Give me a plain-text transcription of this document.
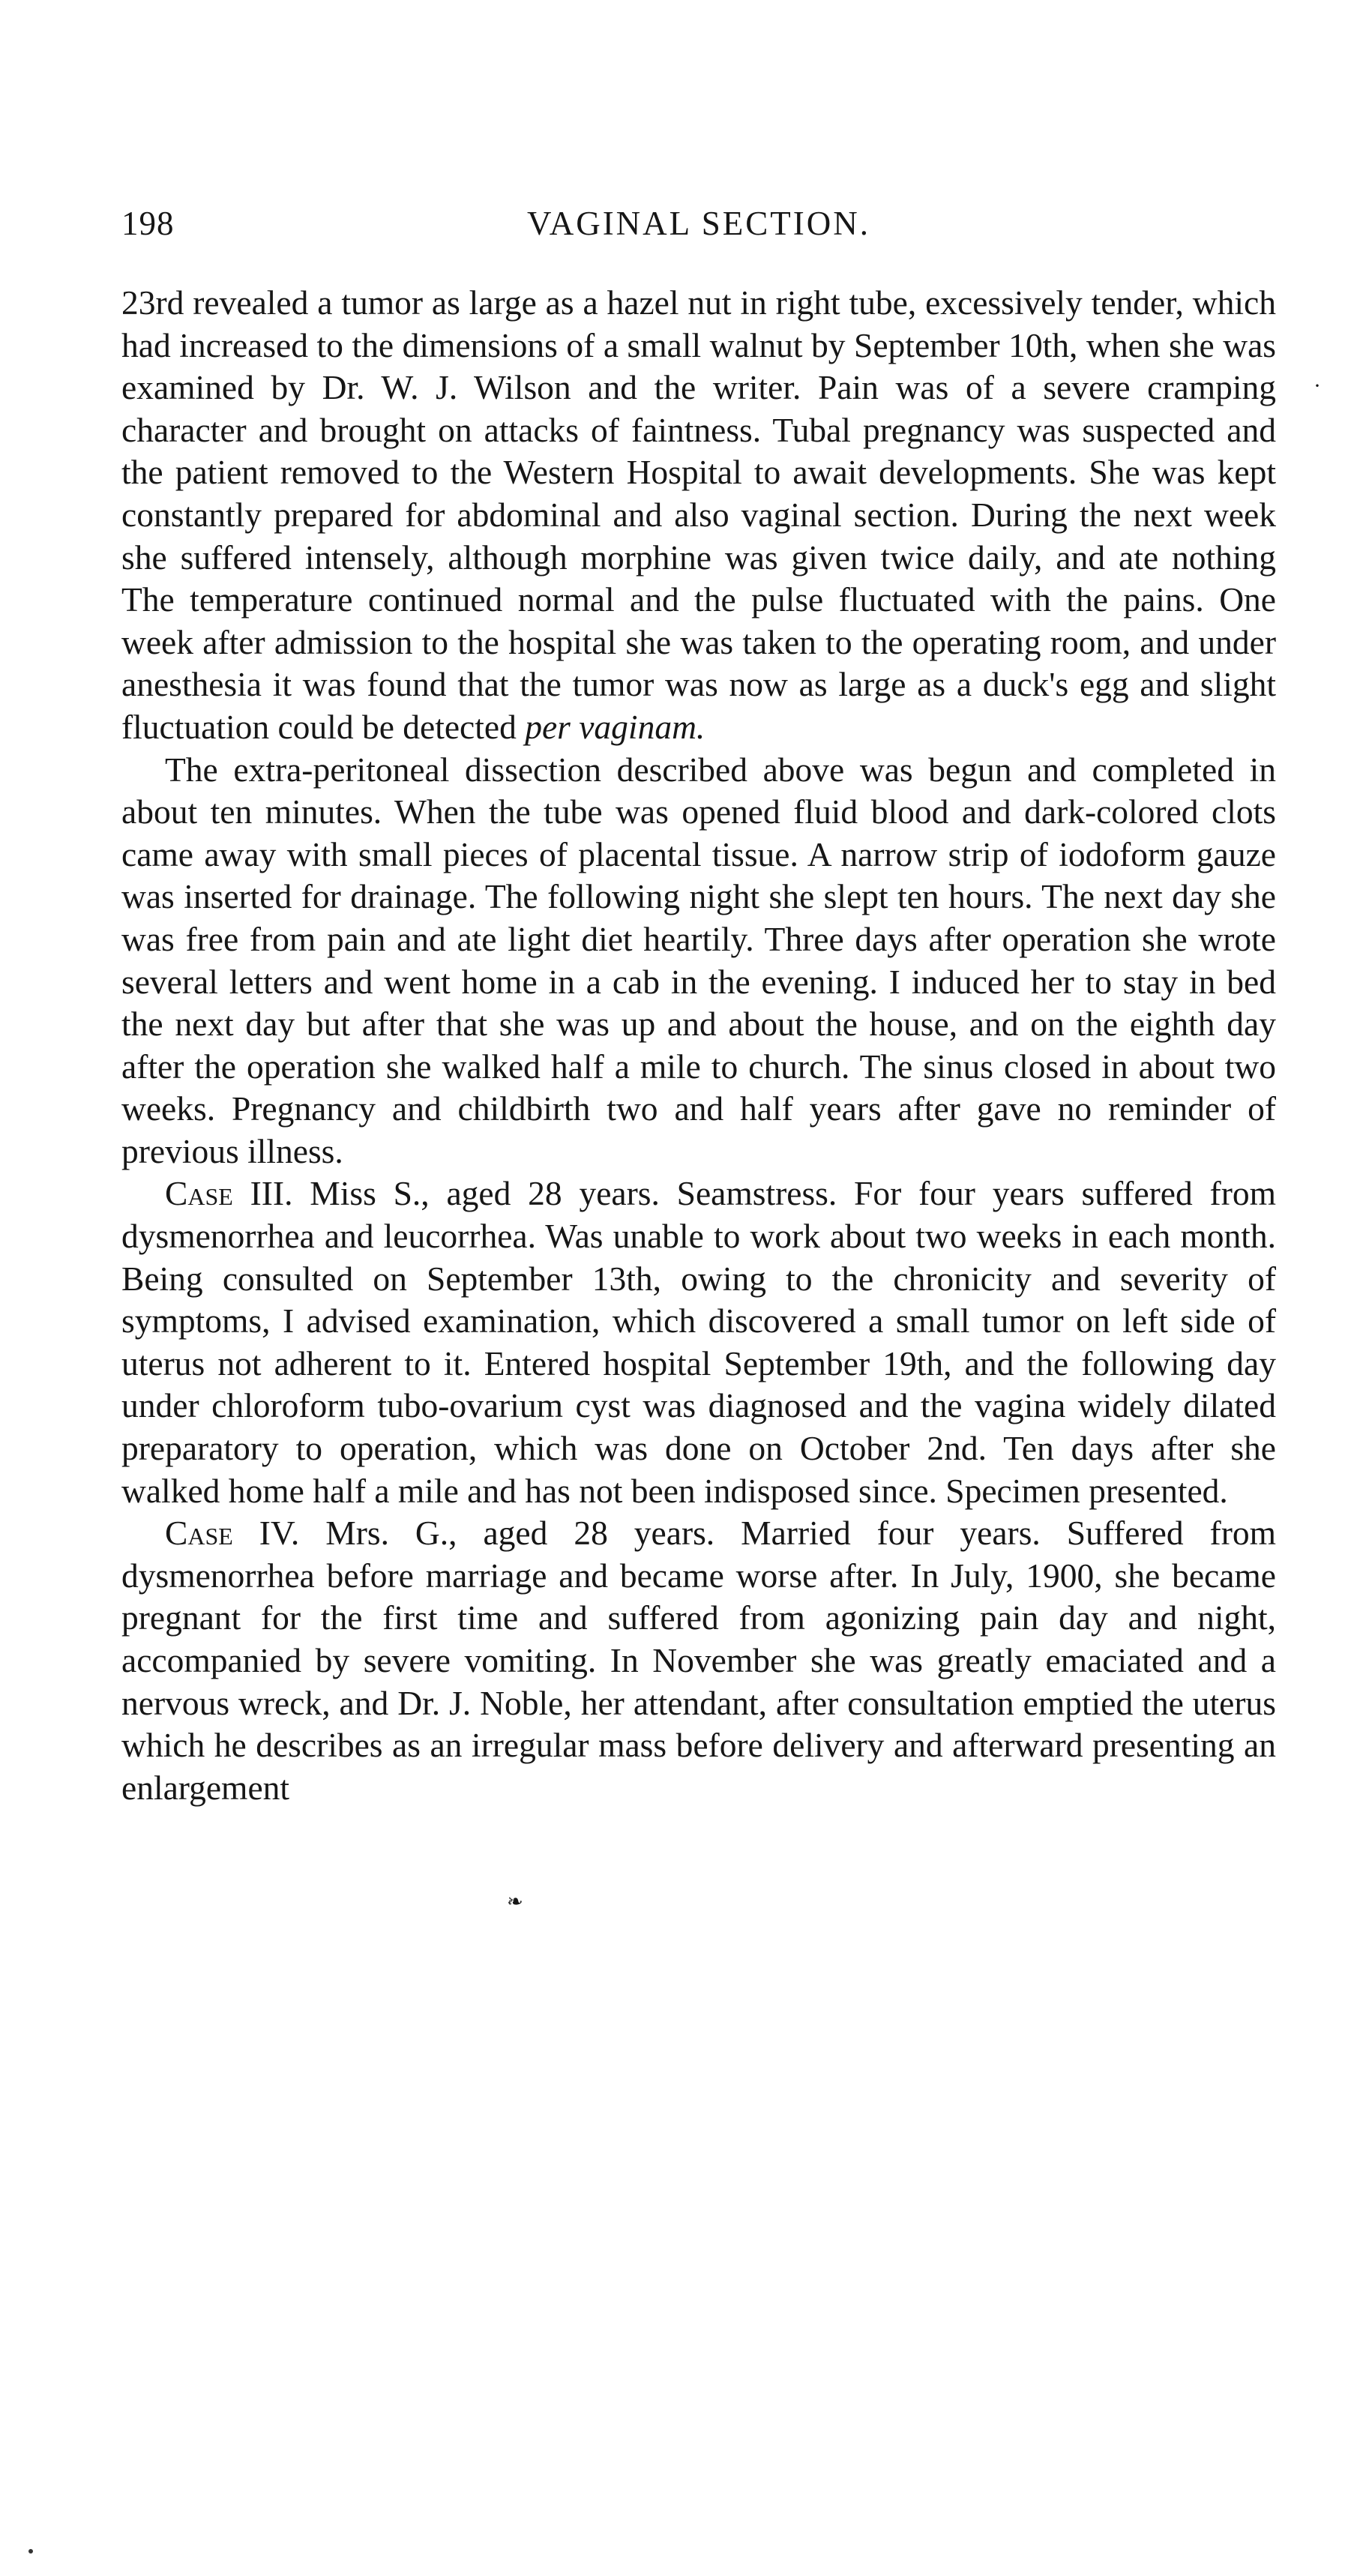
198	VAGINAL SECTION.

23rd revealed a tumor as large as a hazel nut in right tube, excessively tender, which had increased to the dimensions of a small walnut by September 10th, when she was examined by Dr. W. J. Wilson and the writer. Pain was of a severe cramping character and brought on attacks of faintness. Tubal pregnancy was suspected and the patient removed to the Western Hospital to await developments. She was kept constantly prepared for abdominal and also vaginal section. During the next week she suffered intensely, although morphine was given twice daily, and ate nothing The temperature continued normal and the pulse fluctuated with the pains. One week after admission to the hospital she was taken to the operating room, and under anesthesia it was found that the tumor was now as large as a duck's egg and slight fluctuation could be detected per vaginam.

The extra-peritoneal dissection described above was begun and completed in about ten minutes. When the tube was opened fluid blood and dark-colored clots came away with small pieces of placental tissue. A narrow strip of iodoform gauze was inserted for drainage. The following night she slept ten hours. The next day she was free from pain and ate light diet heartily. Three days after operation she wrote several letters and went home in a cab in the evening. I induced her to stay in bed the next day but after that she was up and about the house, and on the eighth day after the operation she walked half a mile to church. The sinus closed in about two weeks. Pregnancy and childbirth two and half years after gave no reminder of previous illness.

Case III. Miss S., aged 28 years. Seamstress. For four years suffered from dysmenorrhea and leucorrhea. Was unable to work about two weeks in each month. Being consulted on September 13th, owing to the chronicity and severity of symptoms, I advised examination, which discovered a small tumor on left side of uterus not adherent to it. Entered hospital September 19th, and the following day under chloroform tubo-ovarium cyst was diagnosed and the vagina widely dilated preparatory to operation, which was done on October 2nd. Ten days after she walked home half a mile and has not been indisposed since. Specimen presented.

Case IV. Mrs. G., aged 28 years. Married four years. Suffered from dysmenorrhea before marriage and became worse after. In July, 1900, she became pregnant for the first time and suffered from agonizing pain day and night, accompanied by severe vomiting. In November she was greatly emaciated and a nervous wreck, and Dr. J. Noble, her attendant, after consultation emptied the uterus which he describes as an irregular mass before delivery and afterward presenting an enlargement

·
❧
